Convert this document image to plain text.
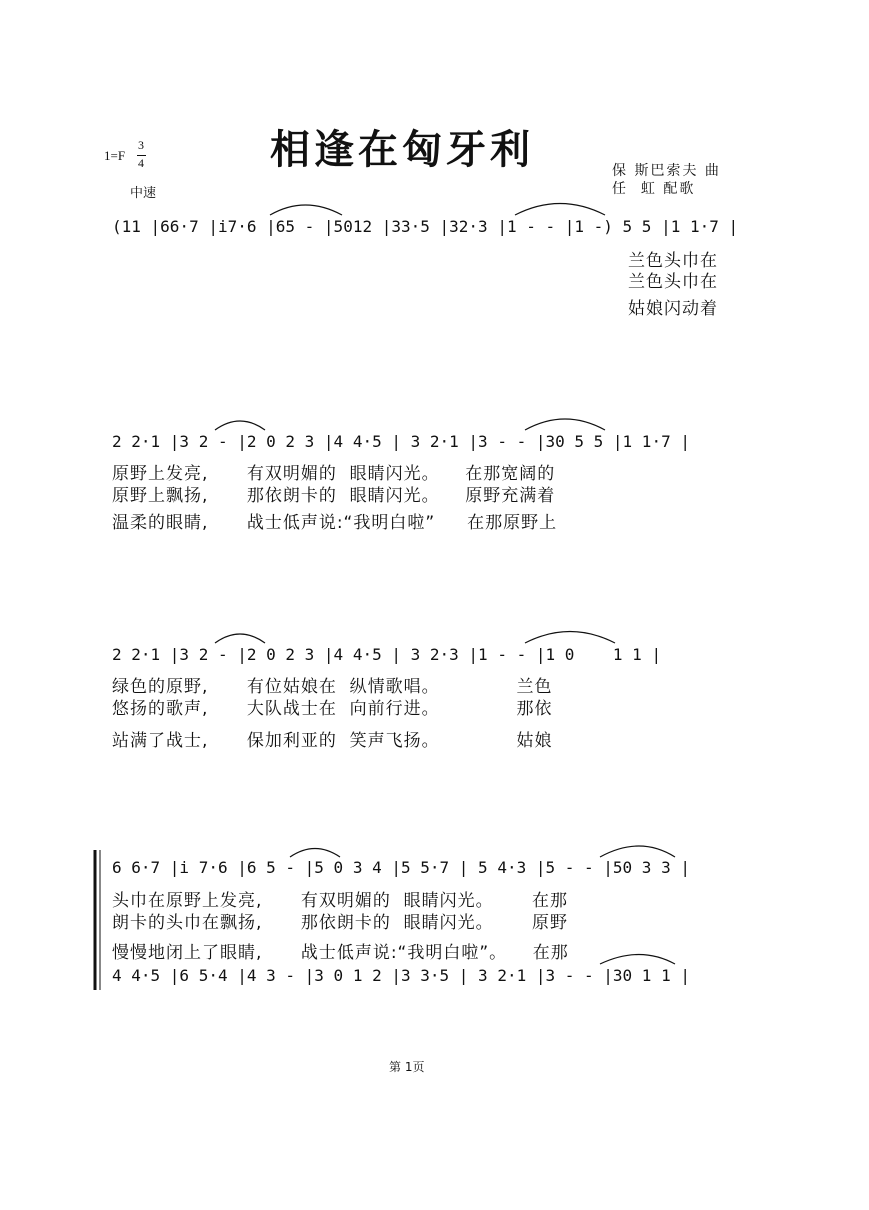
相逢在匈牙利
1=F
3
4
中速
保 斯巴索夫 曲
任  虹 配歌
(11 |66·7 |i7·6 |65 - |5012 |33·5 |32·3 |1 - - |1 -) 5 5 |1 1·7 |
兰色头巾在
兰色头巾在
姑娘闪动着
2 2·1 |3 2 - |2 0 2 3 |4 4·5 | 3 2·1 |3 - - |30 5 5 |1 1·7 |
原野上发亮,      有双明媚的  眼睛闪光。    在那宽阔的
原野上飘扬,      那依朗卡的  眼睛闪光。    原野充满着
温柔的眼睛,      战士低声说:“我明白啦”     在那原野上
2 2·1 |3 2 - |2 0 2 3 |4 4·5 | 3 2·3 |1 - - |1 0    1 1 |
绿色的原野,      有位姑娘在  纵情歌唱。            兰色
悠扬的歌声,      大队战士在  向前行进。            那依
站满了战士,      保加利亚的  笑声飞扬。            姑娘
6 6·7 |i 7·6 |6 5 - |5 0 3 4 |5 5·7 | 5 4·3 |5 - - |50 3 3 |
头巾在原野上发亮,      有双明媚的  眼睛闪光。      在那
朗卡的头巾在飘扬,      那依朗卡的  眼睛闪光。      原野
慢慢地闭上了眼睛,      战士低声说:“我明白啦”。    在那
4 4·5 |6 5·4 |4 3 - |3 0 1 2 |3 3·5 | 3 2·1 |3 - - |30 1 1 |
第 1页
